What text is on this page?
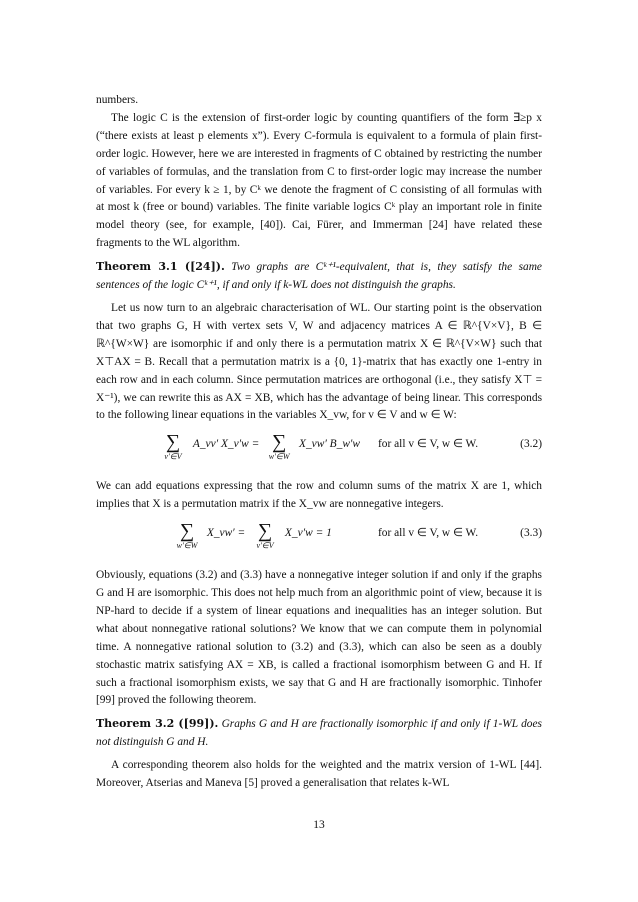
numbers.

The logic C is the extension of first-order logic by counting quantifiers of the form ∃≥p x (“there exists at least p elements x”). Every C-formula is equivalent to a formula of plain first-order logic. However, here we are interested in fragments of C obtained by restricting the number of variables of formulas, and the translation from C to first-order logic may increase the number of variables. For every k ≥ 1, by Cᵏ we denote the fragment of C consisting of all formulas with at most k (free or bound) variables. The finite variable logics Cᵏ play an important role in finite model theory (see, for example, [40]). Cai, Fürer, and Immerman [24] have related these fragments to the WL algorithm.

Theorem 3.1 ([24]). Two graphs are Cᵏ⁺¹-equivalent, that is, they satisfy the same sentences of the logic Cᵏ⁺¹, if and only if k-WL does not distinguish the graphs.

Let us now turn to an algebraic characterisation of WL. Our starting point is the observation that two graphs G, H with vertex sets V, W and adjacency matrices A ∈ ℝ^{V×V}, B ∈ ℝ^{W×W} are isomorphic if and only there is a permutation matrix X ∈ ℝ^{V×W} such that X⊤AX = B. Recall that a permutation matrix is a {0, 1}-matrix that has exactly one 1-entry in each row and in each column. Since permutation matrices are orthogonal (i.e., they satisfy X⊤ = X⁻¹), we can rewrite this as AX = XB, which has the advantage of being linear. This corresponds to the following linear equations in the variables X_vw, for v ∈ V and w ∈ W:

∑
v′∈V
A_vv′ X_v′w = ∑
w′∈W
X_vw′ B_w′w for all v ∈ V, w ∈ W.	(3.2)

We can add equations expressing that the row and column sums of the matrix X are 1, which implies that X is a permutation matrix if the X_vw are nonnegative integers.

∑
w′∈W
X_vw′ = ∑
v′∈V
X_v′w = 1	for all v ∈ V, w ∈ W.	(3.3)

Obviously, equations (3.2) and (3.3) have a nonnegative integer solution if and only if the graphs G and H are isomorphic. This does not help much from an algorithmic point of view, because it is NP-hard to decide if a system of linear equations and inequalities has an integer solution. But what about nonnegative rational solutions? We know that we can compute them in polynomial time. A nonnegative rational solution to (3.2) and (3.3), which can also be seen as a doubly stochastic matrix satisfying AX = XB, is called a fractional isomorphism between G and H. If such a fractional isomorphism exists, we say that G and H are fractionally isomorphic. Tinhofer [99] proved the following theorem.

Theorem 3.2 ([99]). Graphs G and H are fractionally isomorphic if and only if 1-WL does not distinguish G and H.

A corresponding theorem also holds for the weighted and the matrix version of 1-WL [44]. Moreover, Atserias and Maneva [5] proved a generalisation that relates k-WL

13
